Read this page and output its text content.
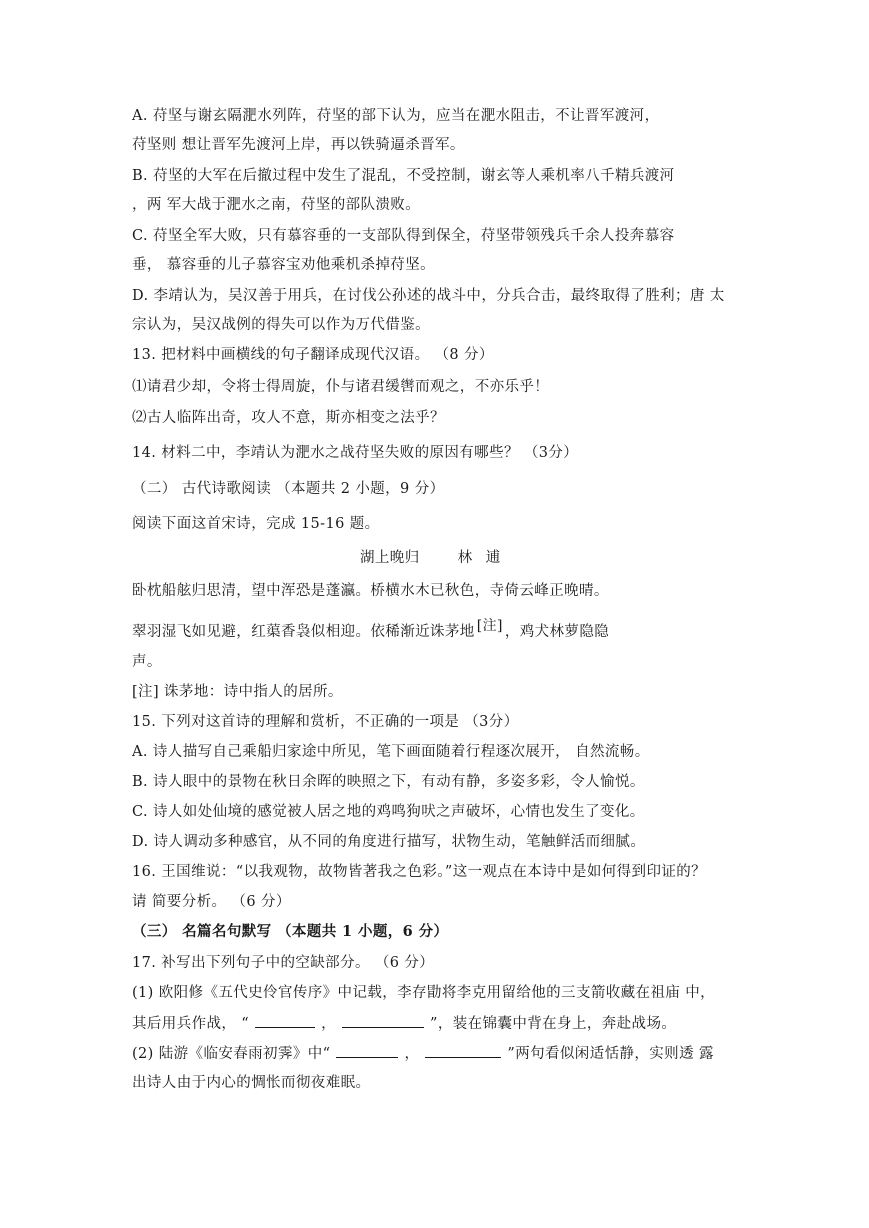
A. 苻坚与谢玄隔淝水列阵，苻坚的部下认为，应当在淝水阻击，不让晋军渡河，
苻坚则 想让晋军先渡河上岸，再以铁骑逼杀晋军。
B. 苻坚的大军在后撤过程中发生了混乱，不受控制，谢玄等人乘机率八千精兵渡河
，两 军大战于淝水之南，苻坚的部队溃败。
C. 苻坚全军大败，只有慕容垂的一支部队得到保全，苻坚带领残兵千余人投奔慕容
垂， 慕容垂的儿子慕容宝劝他乘机杀掉苻坚。
D. 李靖认为，吴汉善于用兵，在讨伐公孙述的战斗中，分兵合击，最终取得了胜利；唐 太
宗认为，吴汉战例的得失可以作为万代借鉴。
13. 把材料中画横线的句子翻译成现代汉语。 （8 分）
⑴请君少却，令将士得周旋，仆与诸君缓辔而观之，不亦乐乎！
⑵古人临阵出奇，攻人不意，斯亦相变之法乎？
14. 材料二中，李靖认为淝水之战苻坚失败的原因有哪些？ （3分）
（二） 古代诗歌阅读 （本题共 2 小题，9 分）
阅读下面这首宋诗，完成 15-16 题。
湖上晚归	林 逋
卧枕船舷归思清，望中浑恐是蓬瀛。桥横水木已秋色，寺倚云峰正晚晴。
翠羽湿飞如见避，红蕖香袅似相迎。依稀渐近诛茅地 [注] ，鸡犬林萝隐隐
声。
[注] 诛茅地：诗中指人的居所。
15. 下列对这首诗的理解和赏析，不正确的一项是 （3分）
A. 诗人描写自己乘船归家途中所见，笔下画面随着行程逐次展开， 自然流畅。
B. 诗人眼中的景物在秋日余晖的映照之下，有动有静，多姿多彩，令人愉悦。
C. 诗人如处仙境的感觉被人居之地的鸡鸣狗吠之声破坏，心情也发生了变化。
D. 诗人调动多种感官，从不同的角度进行描写，状物生动，笔触鲜活而细腻。
16. 王国维说：“以我观物，故物皆著我之色彩。”这一观点在本诗中是如何得到印证的？
请 简要分析。 （6 分）
（三） 名篇名句默写 （本题共 1 小题，6 分）
17. 补写出下列句子中的空缺部分。 （6 分）
(1) 欧阳修《五代史伶官传序》中记载，李存勖将李克用留给他的三支箭收藏在祖庙 中，
其后用兵作战， “	，	”，装在锦囊中背在身上，奔赴战场。
(2) 陆游《临安春雨初霁》中“	，	”两句看似闲适恬静，实则透 露
出诗人由于内心的惆怅而彻夜难眠。
